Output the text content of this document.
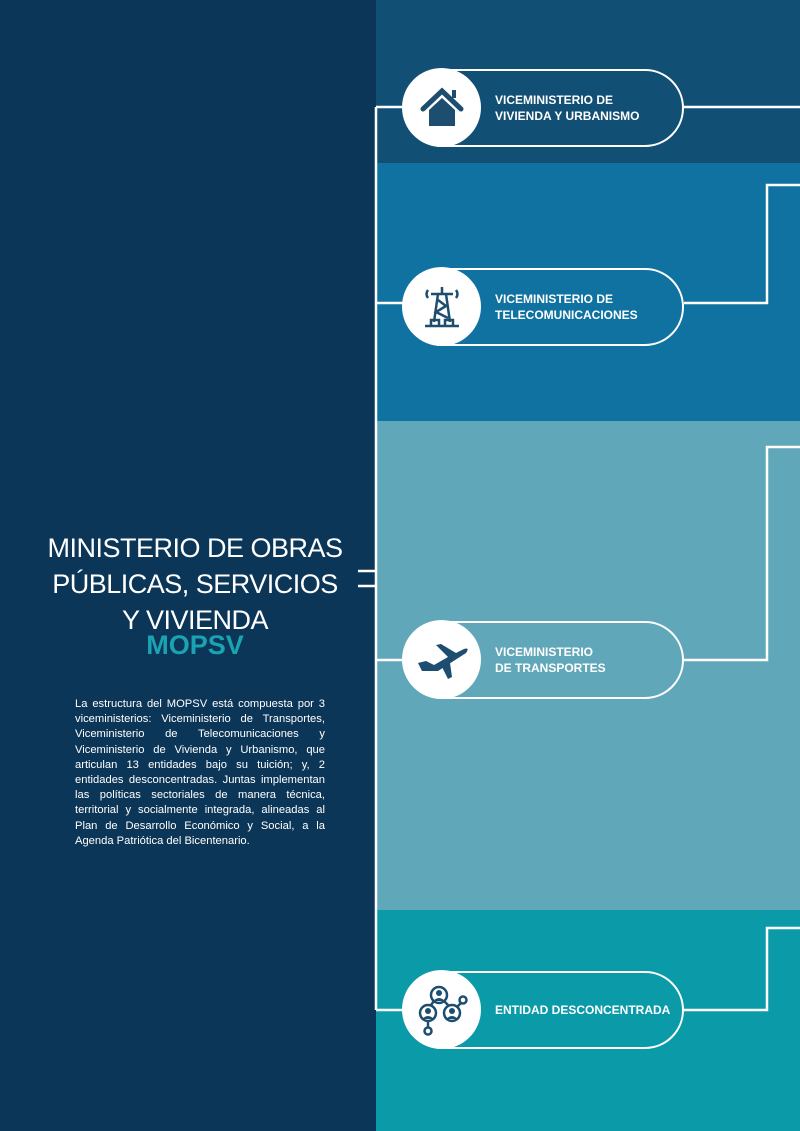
MINISTERIO DE OBRAS
PÚBLICAS, SERVICIOS
Y VIVIENDA
MOPSV
La estructura del MOPSV está compuesta por 3 viceministerios: Viceministerio de Transportes, Viceministerio de Telecomunicaciones y Viceministerio de Vivienda y Urbanismo, que articulan 13 entidades bajo su tuición; y, 2 entidades desconcentradas. Juntas implementan las políticas sectoriales de manera técnica, territorial y socialmente integrada, alineadas al Plan de Desarrollo Económico y Social, a la Agenda Patriótica del Bicentenario.
VICEMINISTERIO DE
VIVIENDA Y URBANISMO
VICEMINISTERIO DE
TELECOMUNICACIONES
VICEMINISTERIO
DE TRANSPORTES
ENTIDAD DESCONCENTRADA
